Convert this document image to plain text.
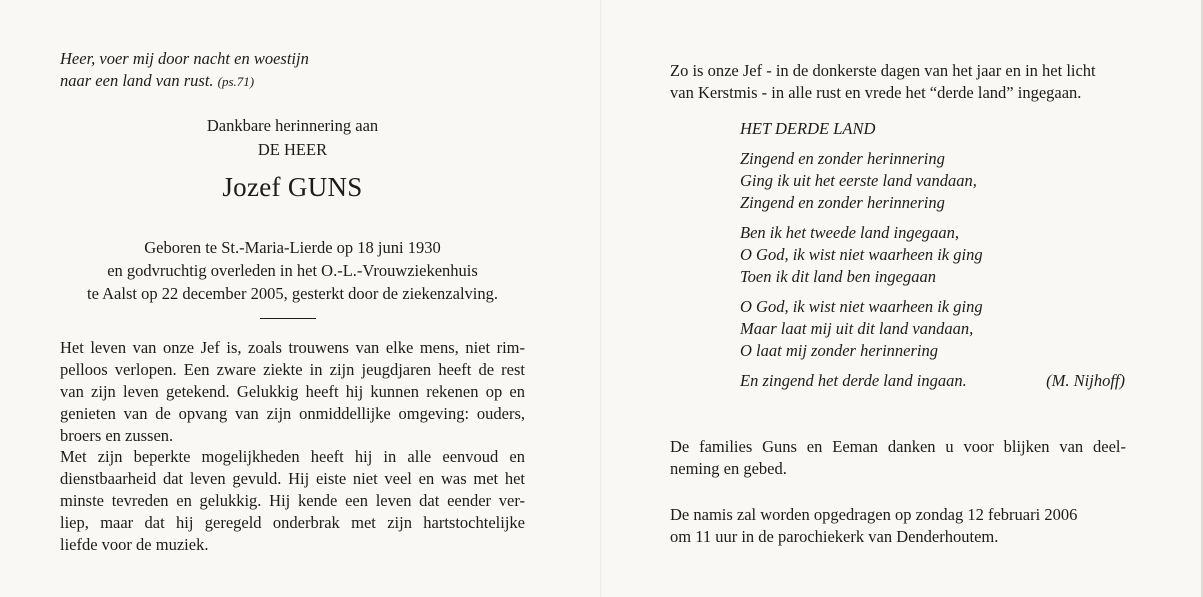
Heer, voer mij door nacht en woestijn
naar een land van rust. (ps.71)
Dankbare herinnering aan
DE HEER
Jozef GUNS
Geboren te St.-Maria-Lierde op 18 juni 1930
en godvruchtig overleden in het O.-L.-Vrouwziekenhuis
te Aalst op 22 december 2005, gesterkt door de ziekenzalving.
Het leven van onze Jef is, zoals trouwens van elke mens, niet rim-
pelloos verlopen. Een zware ziekte in zijn jeugdjaren heeft de rest
van zijn leven getekend. Gelukkig heeft hij kunnen rekenen op en
genieten van de opvang van zijn onmiddellijke omgeving: ouders,
broers en zussen.
Met zijn beperkte mogelijkheden heeft hij in alle eenvoud en
dienstbaarheid dat leven gevuld. Hij eiste niet veel en was met het
minste tevreden en gelukkig. Hij kende een leven dat eender ver-
liep, maar dat hij geregeld onderbrak met zijn hartstochtelijke
liefde voor de muziek.
Zo is onze Jef - in de donkerste dagen van het jaar en in het licht
van Kerstmis - in alle rust en vrede het “derde land” ingegaan.
HET DERDE LAND
Zingend en zonder herinnering
Ging ik uit het eerste land vandaan,
Zingend en zonder herinnering
Ben ik het tweede land ingegaan,
O God, ik wist niet waarheen ik ging
Toen ik dit land ben ingegaan
O God, ik wist niet waarheen ik ging
Maar laat mij uit dit land vandaan,
O laat mij zonder herinnering
En zingend het derde land ingaan.	(M. Nijhoff)
De families Guns en Eeman danken u voor blijken van deel-
neming en gebed.
De namis zal worden opgedragen op zondag 12 februari 2006
om 11 uur in de parochiekerk van Denderhoutem.
